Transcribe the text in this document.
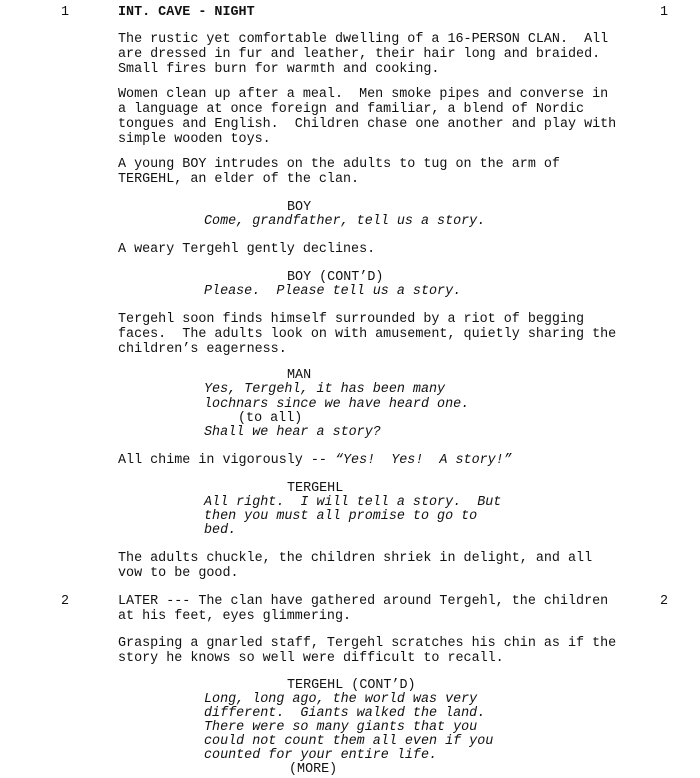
1	INT. CAVE - NIGHT	1
The rustic yet comfortable dwelling of a 16-PERSON CLAN.  All
are dressed in fur and leather, their hair long and braided.
Small fires burn for warmth and cooking.
Women clean up after a meal.  Men smoke pipes and converse in
a language at once foreign and familiar, a blend of Nordic
tongues and English.  Children chase one another and play with
simple wooden toys.
A young BOY intrudes on the adults to tug on the arm of
TERGEHL, an elder of the clan.
BOY
Come, grandfather, tell us a story.
A weary Tergehl gently declines.
BOY (CONT’D)
Please.  Please tell us a story.
Tergehl soon finds himself surrounded by a riot of begging
faces.  The adults look on with amusement, quietly sharing the
children’s eagerness.
MAN
Yes, Tergehl, it has been many
lochnars since we have heard one.
(to all)
Shall we hear a story?
All chime in vigorously -- “Yes!  Yes!  A story!”
TERGEHL
All right.  I will tell a story.  But
then you must all promise to go to
bed.
The adults chuckle, the children shriek in delight, and all
vow to be good.
2	2
LATER --- The clan have gathered around Tergehl, the children
at his feet, eyes glimmering.
Grasping a gnarled staff, Tergehl scratches his chin as if the
story he knows so well were difficult to recall.
TERGEHL (CONT’D)
Long, long ago, the world was very
different.  Giants walked the land.
There were so many giants that you
could not count them all even if you
counted for your entire life.
(MORE)
